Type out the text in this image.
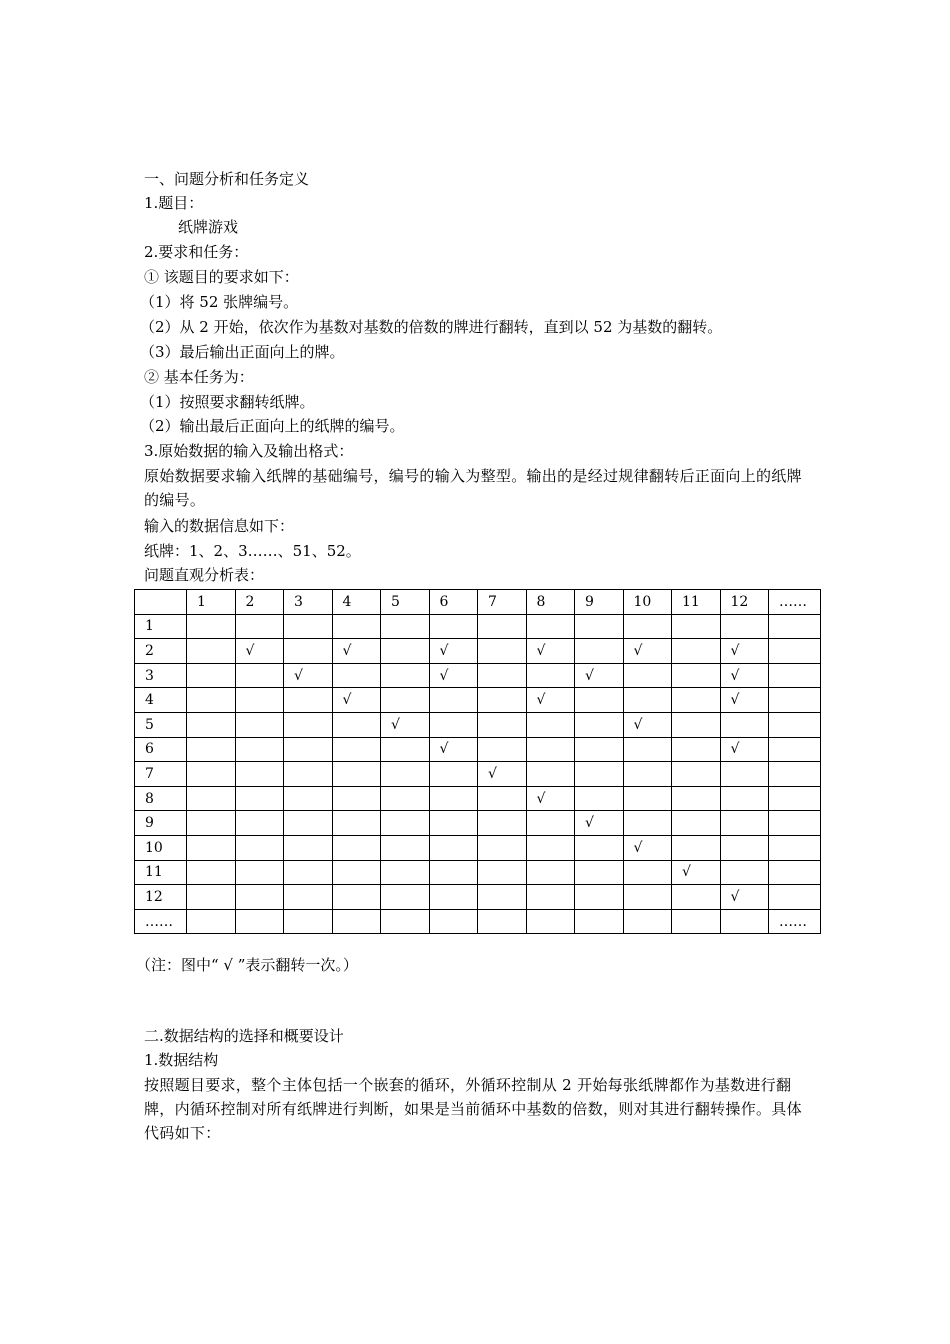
一、问题分析和任务定义
1.题目：
纸牌游戏
2.要求和任务：
① 该题目的要求如下：
（1）将 52 张牌编号。
（2）从 2 开始，依次作为基数对基数的倍数的牌进行翻转，直到以 52 为基数的翻转。
（3）最后输出正面向上的牌。
② 基本任务为：
（1）按照要求翻转纸牌。
（2）输出最后正面向上的纸牌的编号。
3.原始数据的输入及输出格式：
原始数据要求输入纸牌的基础编号，编号的输入为整型。输出的是经过规律翻转后正面向上的纸牌的编号。
输入的数据信息如下：
纸牌：1、2、3……、51、52。
问题直观分析表：
	1	2	3	4	5	6	7	8	9	10	11	12	……
1													
2		√		√		√		√		√		√	
3			√			√			√			√	
4				√				√				√	
5					√					√			
6						√						√	
7							√						
8								√					
9									√				
10										√			
11											√		
12												√	
……													……
（注：图中“ √ ”表示翻转一次。）
二.数据结构的选择和概要设计
1.数据结构
按照题目要求，整个主体包括一个嵌套的循环，外循环控制从 2 开始每张纸牌都作为基数进行翻牌，内循环控制对所有纸牌进行判断，如果是当前循环中基数的倍数，则对其进行翻转操作。具体代码如下：
